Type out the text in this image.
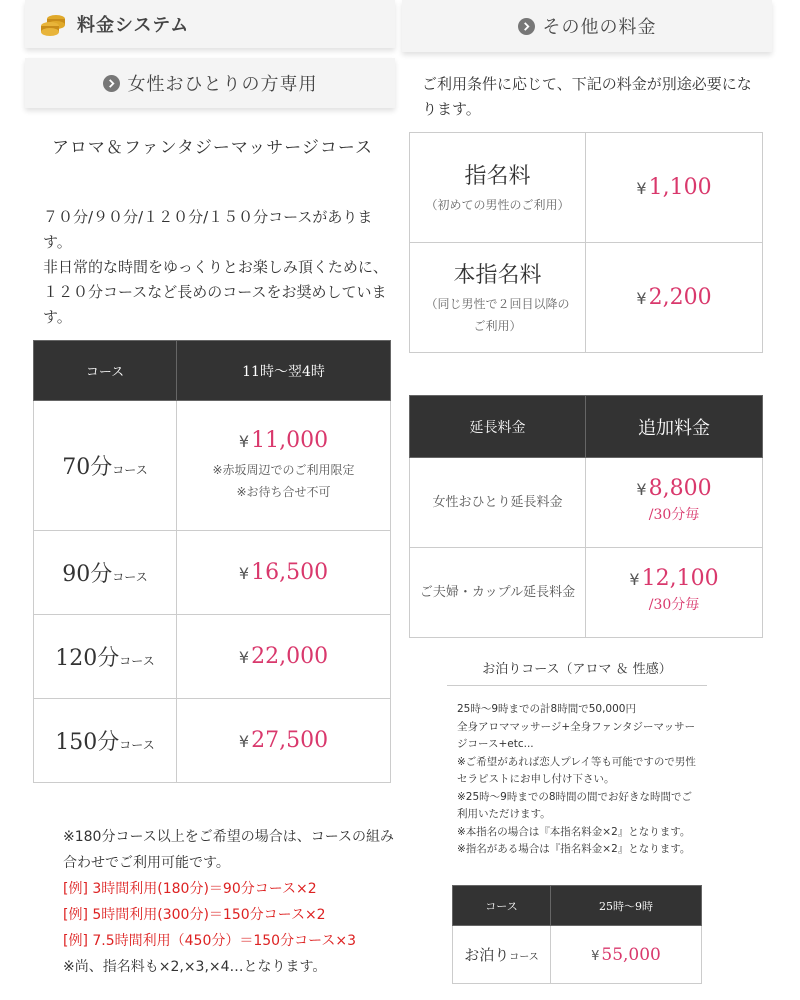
料金システム
女性おひとりの方専用
アロマ＆ファンタジーマッサージコース
７０分/９０分/１２０分/１５０分コースがあります。
非日常的な時間をゆっくりとお楽しみ頂くために、１２０分コースなど長めのコースをお奨めしています。
コース	11時〜翌4時
70分コース	¥11,000
※赤坂周辺でのご利用限定
※お待ち合せ不可

90分コース	¥16,500
120分コース	¥22,000
150分コース	¥27,500
※180分コース以上をご希望の場合は、コースの組み合わせでご利用可能です。
[例] 3時間利用(180分)＝90分コース×2
[例] 5時間利用(300分)＝150分コース×2
[例] 7.5時間利用（450分）＝150分コース×3
※尚、指名料も×2,×3,×4…となります。
その他の料金
ご利用条件に応じて、下記の料金が別途必要になります。
指名料
（初めての男性のご利用）	¥1,100

本指名料
（同じ男性で２回目以降のご利用）	¥2,200
延長料金	追加料金
女性おひとり延長料金	¥8,800
/30分毎

ご夫婦・カップル延長料金	¥12,100
/30分毎
お泊りコース（アロマ ＆ 性感）
25時〜9時までの計8時間で50,000円
全身アロママッサージ+全身ファンタジーマッサージコース+etc...
※ご希望があれば恋人プレイ等も可能ですので男性セラピストにお申し付け下さい。
※25時〜9時までの8時間の間でお好きな時間でご利用いただけます。
※本指名の場合は『本指名料金×2』となります。
※指名がある場合は『指名料金×2』となります。
コース	25時〜9時
お泊りコース	¥ 55,000
